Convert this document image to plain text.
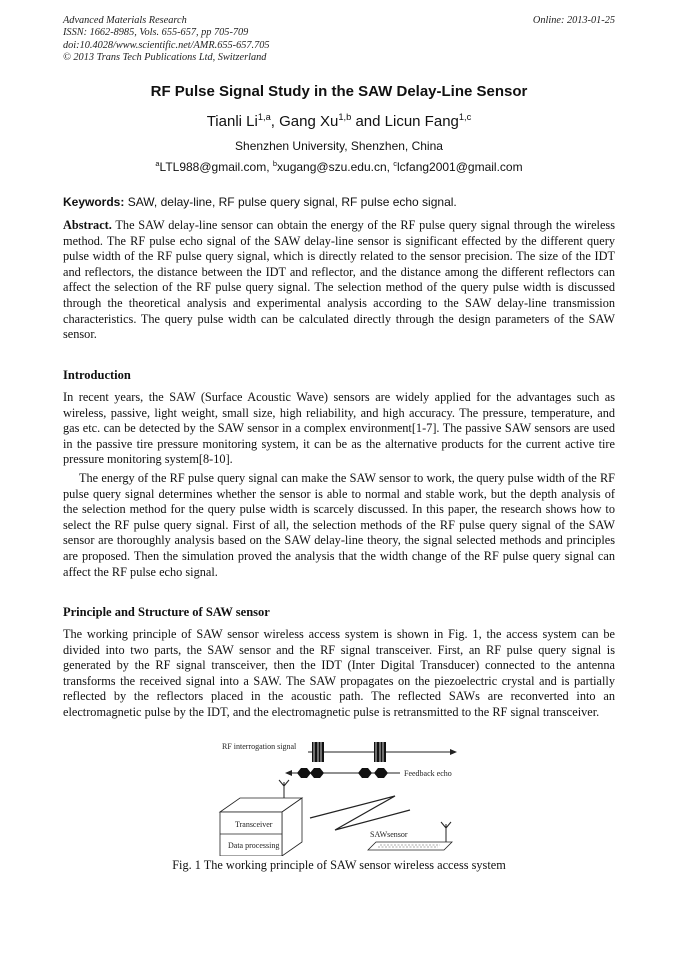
Advanced Materials Research
ISSN: 1662-8985, Vols. 655-657, pp 705-709
doi:10.4028/www.scientific.net/AMR.655-657.705
© 2013 Trans Tech Publications Ltd, Switzerland
Online: 2013-01-25
RF Pulse Signal Study in the SAW Delay-Line Sensor
Tianli Li$^{1,a}$, Gang Xu$^{1,b}$ and Licun Fang$^{1,c}$
Shenzhen University, Shenzhen, China
$^a$LTL988@gmail.com, $^b$xugang@szu.edu.cn, $^c$lcfang2001@gmail.com
Keywords: SAW, delay-line, RF pulse query signal, RF pulse echo signal.
Abstract. The SAW delay-line sensor can obtain the energy of the RF pulse query signal through the wireless method. The RF pulse echo signal of the SAW delay-line sensor is significant effected by the different query pulse width of the RF pulse query signal, which is directly related to the sensor precision. The size of the IDT and reflectors, the distance between the IDT and reflector, and the distance among the different reflectors can affect the selection of the RF pulse query signal. The selection method of the query pulse width is discussed through the theoretical analysis and experimental analysis according to the SAW delay-line transmission characteristics. The query pulse width can be calculated directly through the design parameters of the SAW sensor.
Introduction
In recent years, the SAW (Surface Acoustic Wave) sensors are widely applied for the advantages such as wireless, passive, light weight, small size, high reliability, and high accuracy. The pressure, temperature, and gas etc. can be detected by the SAW sensor in a complex environment[1-7]. The passive SAW sensors are used in the passive tire pressure monitoring system, it can be as the alternative products for the current active tire pressure monitoring system[8-10].
The energy of the RF pulse query signal can make the SAW sensor to work, the query pulse width of the RF pulse query signal determines whether the sensor is able to normal and stable work, but the depth analysis of the selection method for the query pulse width is scarcely discussed. In this paper, the research shows how to select the RF pulse query signal. First of all, the selection methods of the RF pulse query signal of the SAW sensor are thoroughly analysis based on the SAW delay-line theory, the signal selected methods and principles are proposed. Then the simulation proved the analysis that the width change of the RF pulse query signal can affect the RF pulse echo signal.
Principle and Structure of SAW sensor
The working principle of SAW sensor wireless access system is shown in Fig. 1, the access system can be divided into two parts, the SAW sensor and the RF signal transceiver. First, an RF pulse query signal is generated by the RF signal transceiver, then the IDT (Inter Digital Transducer) connected to the antenna transforms the received signal into a SAW. The SAW propagates on the piezoelectric crystal and is partially reflected by the reflectors placed in the acoustic path. The reflected SAWs are reconverted into an electromagnetic pulse by the IDT, and the electromagnetic pulse is retransmitted to the RF signal transceiver.
RF interrogation signal
Feedback echo
Transceiver
Data processing
SAWsensor
Fig. 1 The working principle of SAW sensor wireless access system
